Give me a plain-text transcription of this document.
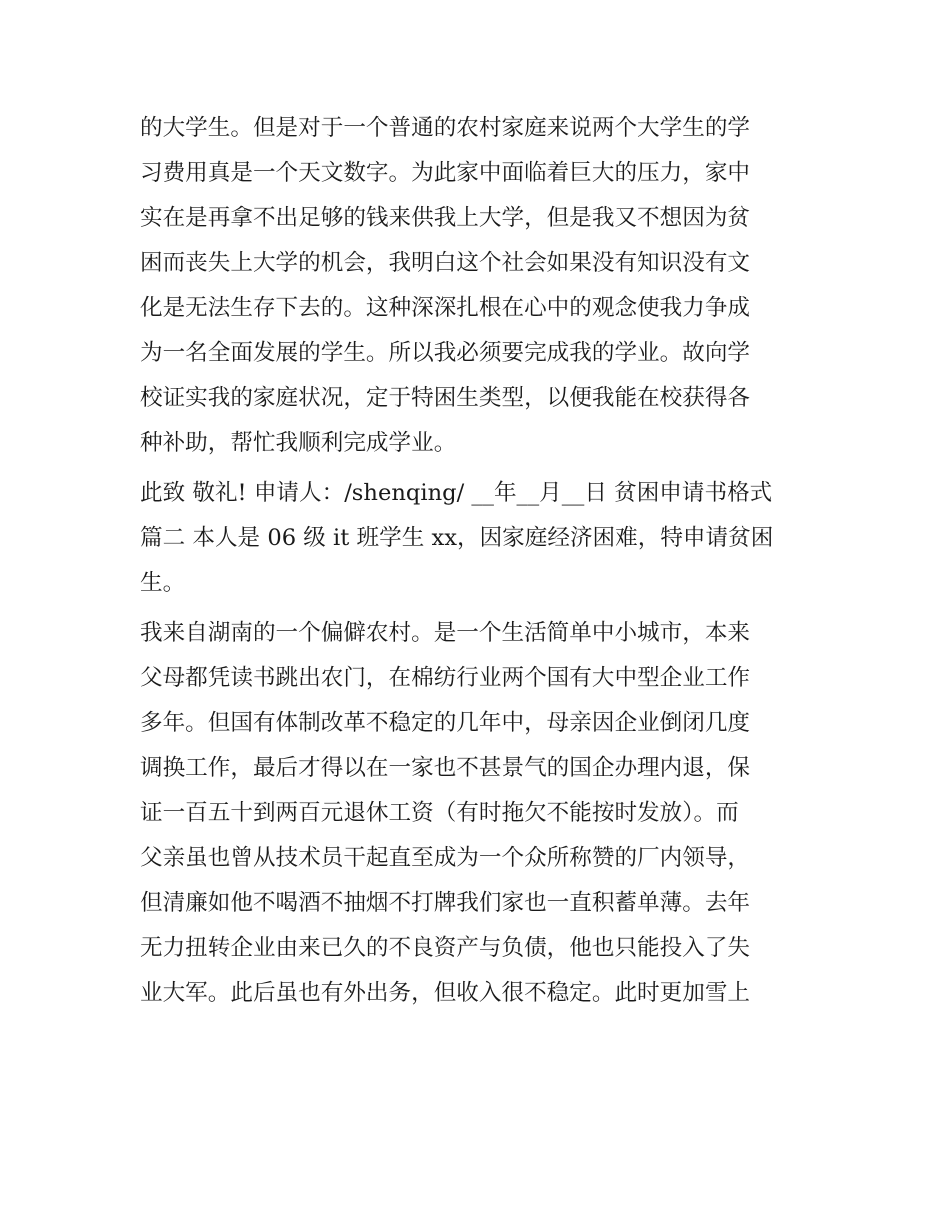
的大学生。但是对于一个普通的农村家庭来说两个大学生的学
习费用真是一个天文数字。为此家中面临着巨大的压力，家中
实在是再拿不出足够的钱来供我上大学，但是我又不想因为贫
困而丧失上大学的机会，我明白这个社会如果没有知识没有文
化是无法生存下去的。这种深深扎根在心中的观念使我力争成
为一名全面发展的学生。所以我必须要完成我的学业。故向学
校证实我的家庭状况，定于特困生类型，以便我能在校获得各
种补助，帮忙我顺利完成学业。
此致 敬礼! 申请人：/shenqing/ __年__月__日 贫困申请书格式
篇二 本人是 06 级 it 班学生 xx，因家庭经济困难，特申请贫困
生。
我来自湖南的一个偏僻农村。是一个生活简单中小城市，本来
父母都凭读书跳出农门，在棉纺行业两个国有大中型企业工作
多年。但国有体制改革不稳定的几年中，母亲因企业倒闭几度
调换工作，最后才得以在一家也不甚景气的国企办理内退，保
证一百五十到两百元退休工资（有时拖欠不能按时发放）。而
父亲虽也曾从技术员干起直至成为一个众所称赞的厂内领导，
但清廉如他不喝酒不抽烟不打牌我们家也一直积蓄单薄。去年
无力扭转企业由来已久的不良资产与负债，他也只能投入了失
业大军。此后虽也有外出务，但收入很不稳定。此时更加雪上
